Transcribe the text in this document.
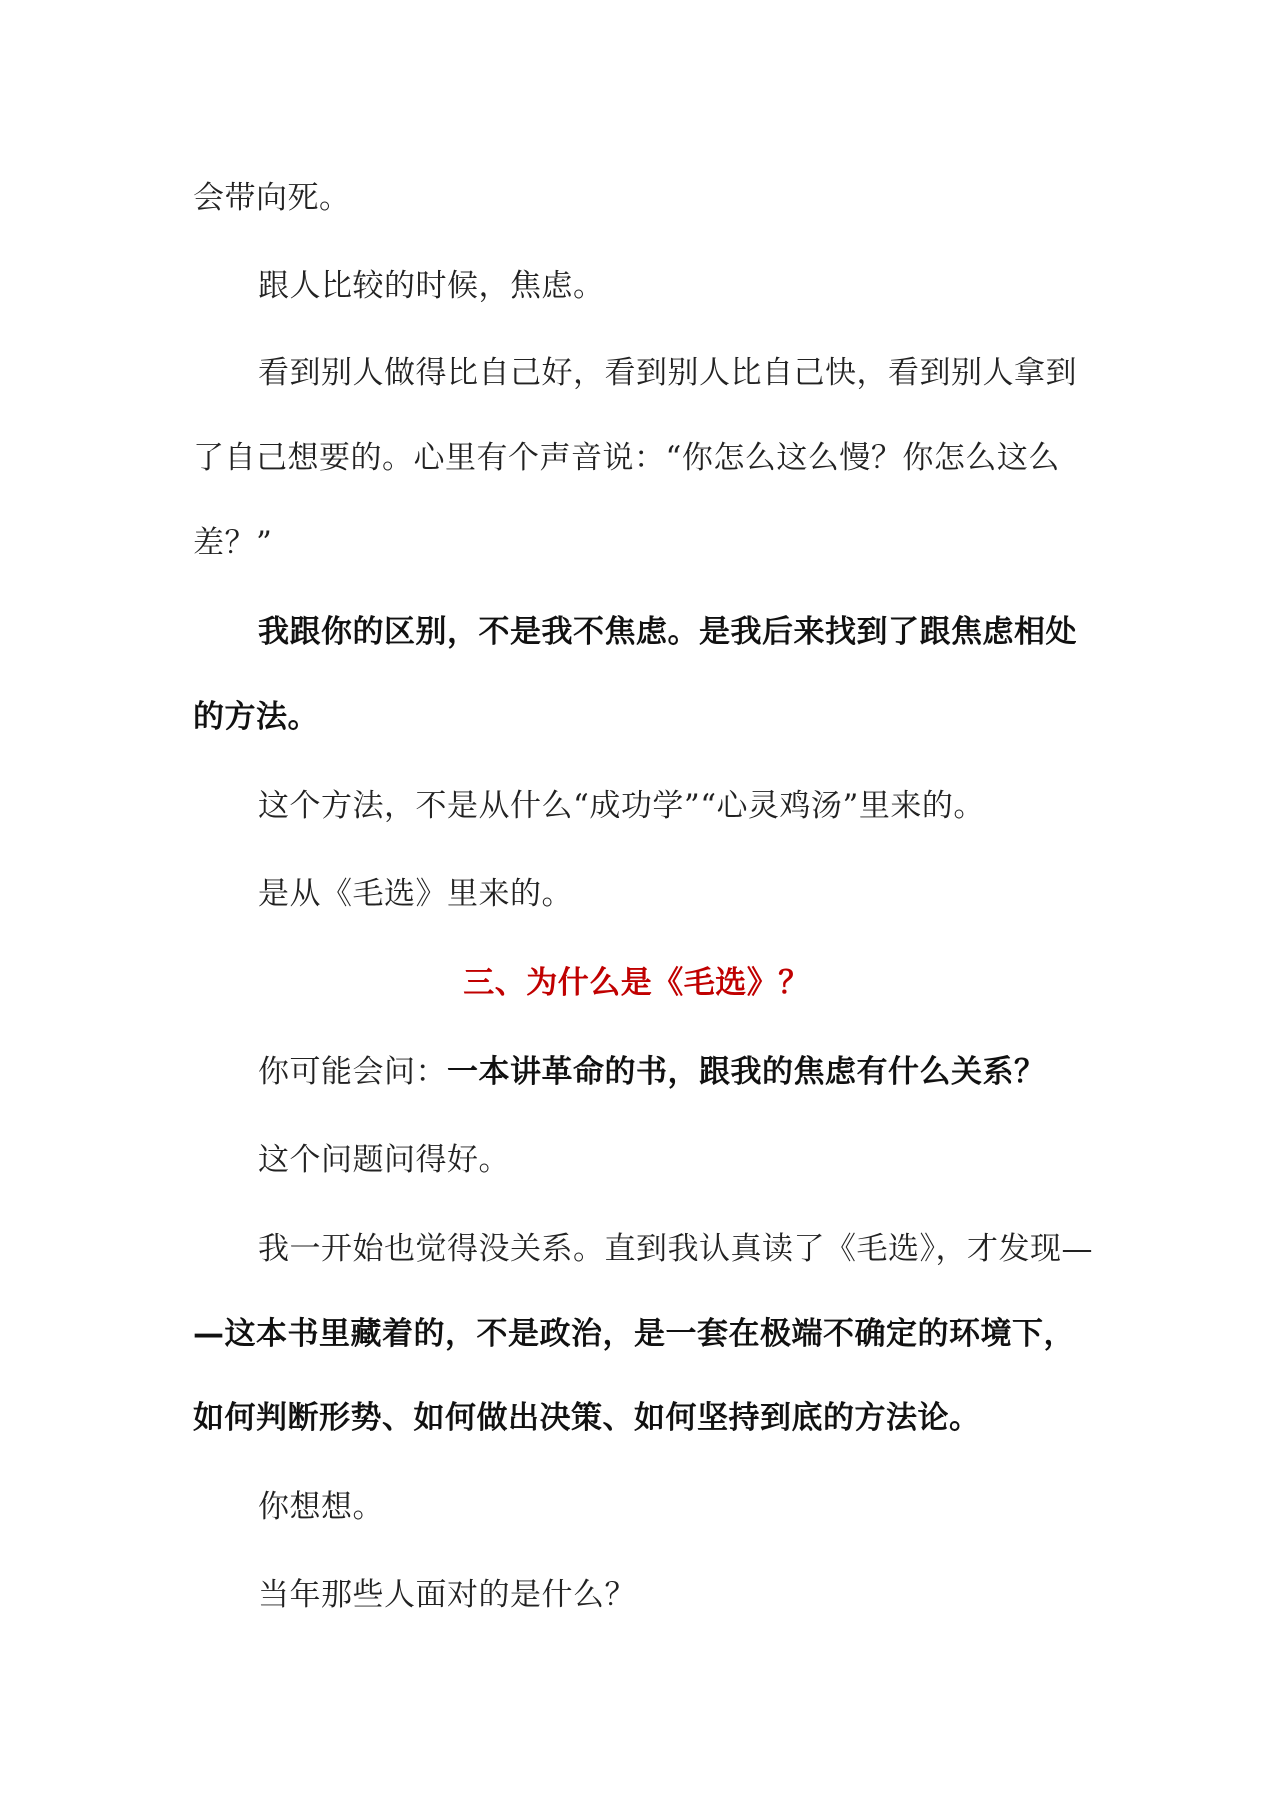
会带向死。
跟人比较的时候，焦虑。
看到别人做得比自己好，看到别人比自己快，看到别人拿到
了自己想要的。心里有个声音说：“你怎么这么慢？你怎么这么
差？”
我跟你的区别，不是我不焦虑。是我后来找到了跟焦虑相处
的方法。
这个方法，不是从什么“成功学”“心灵鸡汤”里来的。
是从《毛选》里来的。
三、为什么是《毛选》？
你可能会问：一本讲革命的书，跟我的焦虑有什么关系？
这个问题问得好。
我一开始也觉得没关系。直到我认真读了《毛选》，才发现—
—这本书里藏着的，不是政治，是一套在极端不确定的环境下，
如何判断形势、如何做出决策、如何坚持到底的方法论。
你想想。
当年那些人面对的是什么？
